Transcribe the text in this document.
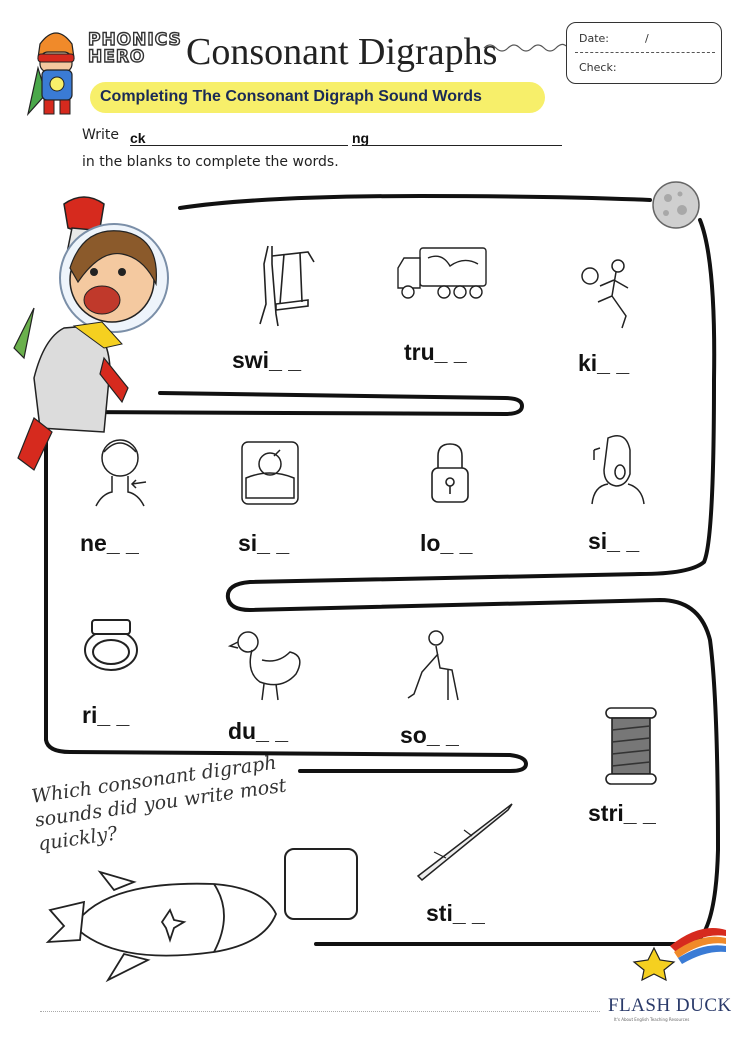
PHONICS
HERO	Consonant Digraphs	Date:	/
Check:
Completing The Consonant Digraph Sound Words
Write ck	ng
in the blanks to complete the words.
swi_ _	tru_ _	ki_ _
ne_ _	si_ _	lo_ _	si_ _
ri_ _
du_ _	so_ _
stri_ _
sti_ _
Which consonant digraph sounds did you write most quickly?
FLASH DUCK
It's About English Teaching Resources
